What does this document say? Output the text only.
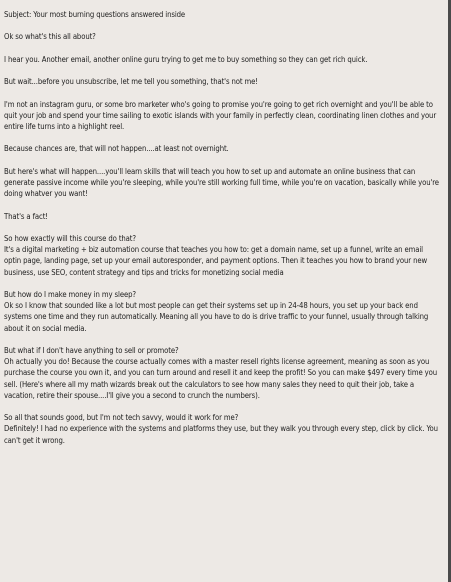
Subject: Your most burning questions answered inside

Ok so what's this all about?

I hear you. Another email, another online guru trying to get me to buy something so they can get rich quick.

But wait...before you unsubscribe, let me tell you something, that's not me!

I'm not an instagram guru, or some bro marketer who's going to promise you're going to get rich overnight and you'll be able to quit your job and spend your time sailing to exotic islands with your family in perfectly clean, coordinating linen clothes and your entire life turns into a highlight reel.

Because chances are, that will not happen....at least not overnight.

But here's what will happen....you'll learn skills that will teach you how to set up and automate an online business that can generate passive income while you're sleeping, while you're still working full time, while you're on vacation, basically while you're doing whatver you want!

That's a fact!

So how exactly will this course do that?
It's a digital marketing + biz automation course that teaches you how to: get a domain name, set up a funnel, write an email optin page, landing page, set up your email autoresponder, and payment options. Then it teaches you how to brand your new business, use SEO, content strategy and tips and tricks for monetizing social media

But how do I make money in my sleep?
Ok so I know that sounded like a lot but most people can get their systems set up in 24-48 hours, you set up your back end systems one time and they run automatically. Meaning all you have to do is drive traffic to your funnel, usually through talking about it on social media.

But what if I don't have anything to sell or promote?
Oh actually you do! Because the course actually comes with a master resell rights license agreement, meaning as soon as you purchase the course you own it, and you can turn around and resell it and keep the profit! So you can make $497 every time you sell. (Here's where all my math wizards break out the calculators to see how many sales they need to quit their job, take a vacation, retire their spouse....I'll give you a second to crunch the numbers).

So all that sounds good, but I'm not tech savvy, would it work for me?
Definitely! I had no experience with the systems and platforms they use, but they walk you through every step, click by click. You can't get it wrong.
